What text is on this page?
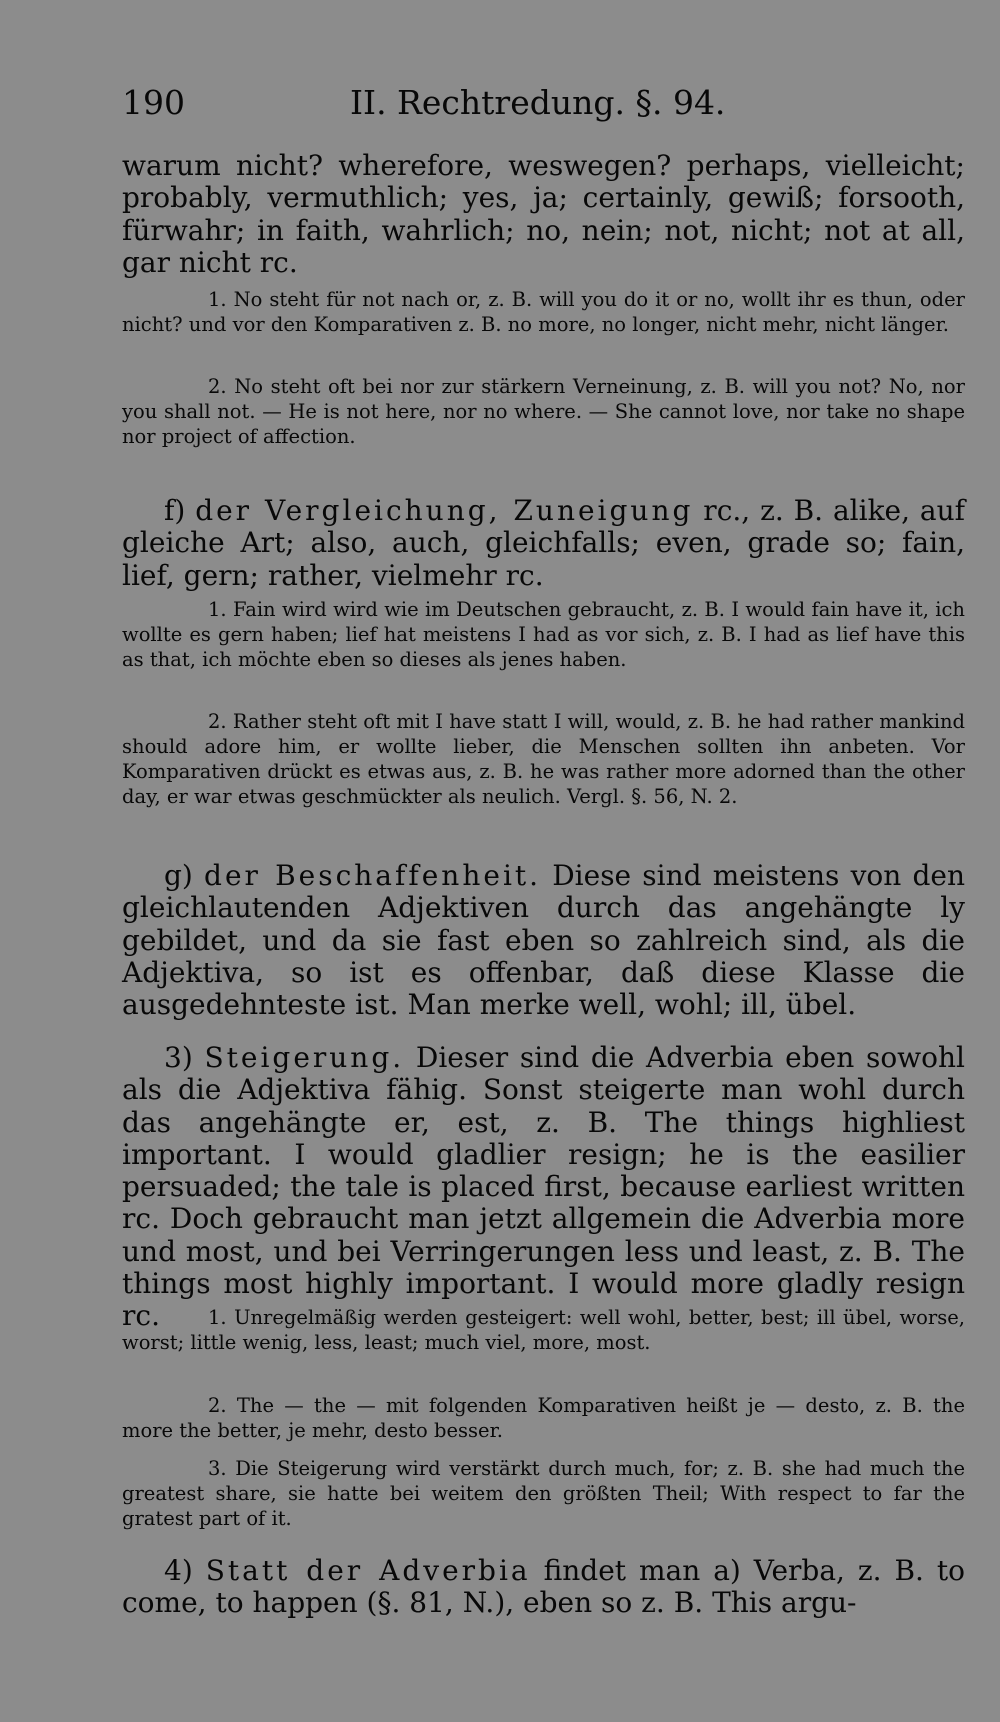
190	II. Rechtredung. §. 94.

warum nicht? wherefore, weswegen? perhaps, vielleicht; probably, vermuthlich; yes, ja; certainly, gewiß; forsooth, fürwahr; in faith, wahrlich; no, nein; not, nicht; not at all, gar nicht rc.

1. No steht für not nach or, z. B. will you do it or no, wollt ihr es thun, oder nicht? und vor den Komparativen z. B. no more, no longer, nicht mehr, nicht länger.

2. No steht oft bei nor zur stärkern Verneinung, z. B. will you not? No, nor you shall not. — He is not here, nor no where. — She cannot love, nor take no shape nor project of affection.

f) der Vergleichung, Zuneigung rc., z. B. alike, auf gleiche Art; also, auch, gleichfalls; even, grade so; fain, lief, gern; rather, vielmehr rc.

1. Fain wird wird wie im Deutschen gebraucht, z. B. I would fain have it, ich wollte es gern haben; lief hat meistens I had as vor sich, z. B. I had as lief have this as that, ich möchte eben so dieses als jenes haben.

2. Rather steht oft mit I have statt I will, would, z. B. he had rather mankind should adore him, er wollte lieber, die Menschen sollten ihn anbeten. Vor Komparativen drückt es etwas aus, z. B. he was rather more adorned than the other day, er war etwas geschmückter als neulich. Vergl. §. 56, N. 2.

g) der Beschaffenheit. Diese sind meistens von den gleichlautenden Adjektiven durch das angehängte ly gebildet, und da sie fast eben so zahlreich sind, als die Adjektiva, so ist es offenbar, daß diese Klasse die ausgedehnteste ist. Man merke well, wohl; ill, übel.

3) Steigerung. Dieser sind die Adverbia eben sowohl als die Adjektiva fähig. Sonst steigerte man wohl durch das angehängte er, est, z. B. The things highliest important. I would gladlier resign; he is the easilier persuaded; the tale is placed first, because earliest written rc. Doch gebraucht man jetzt allgemein die Adverbia more und most, und bei Verringerungen less und least, z. B. The things most highly important. I would more gladly resign rc.	1. Unregelmäßig werden gesteigert: well wohl, better, best; ill übel, worse, worst; little wenig, less, least; much viel, more, most.

2. The — the — mit folgenden Komparativen heißt je — desto, z. B. the more the better, je mehr, desto besser.

3. Die Steigerung wird verstärkt durch much, for; z. B. she had much the greatest share, sie hatte bei weitem den größten Theil; With respect to far the gratest part of it.

4) Statt der Adverbia findet man a) Verba, z. B. to come, to happen (§. 81, N.), eben so z. B. This argu-
